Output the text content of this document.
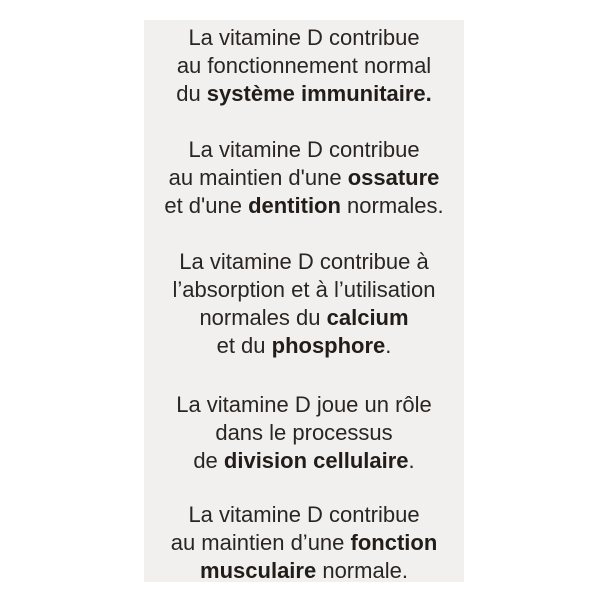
La vitamine D contribue
au fonctionnement normal
du système immunitaire.
La vitamine D contribue
au maintien d'une ossature
et d'une dentition normales.
La vitamine D contribue à
l’absorption et à l’utilisation
normales du calcium
et du phosphore.
La vitamine D joue un rôle
dans le processus
de division cellulaire.
La vitamine D contribue
au maintien d’une fonction
musculaire normale.
